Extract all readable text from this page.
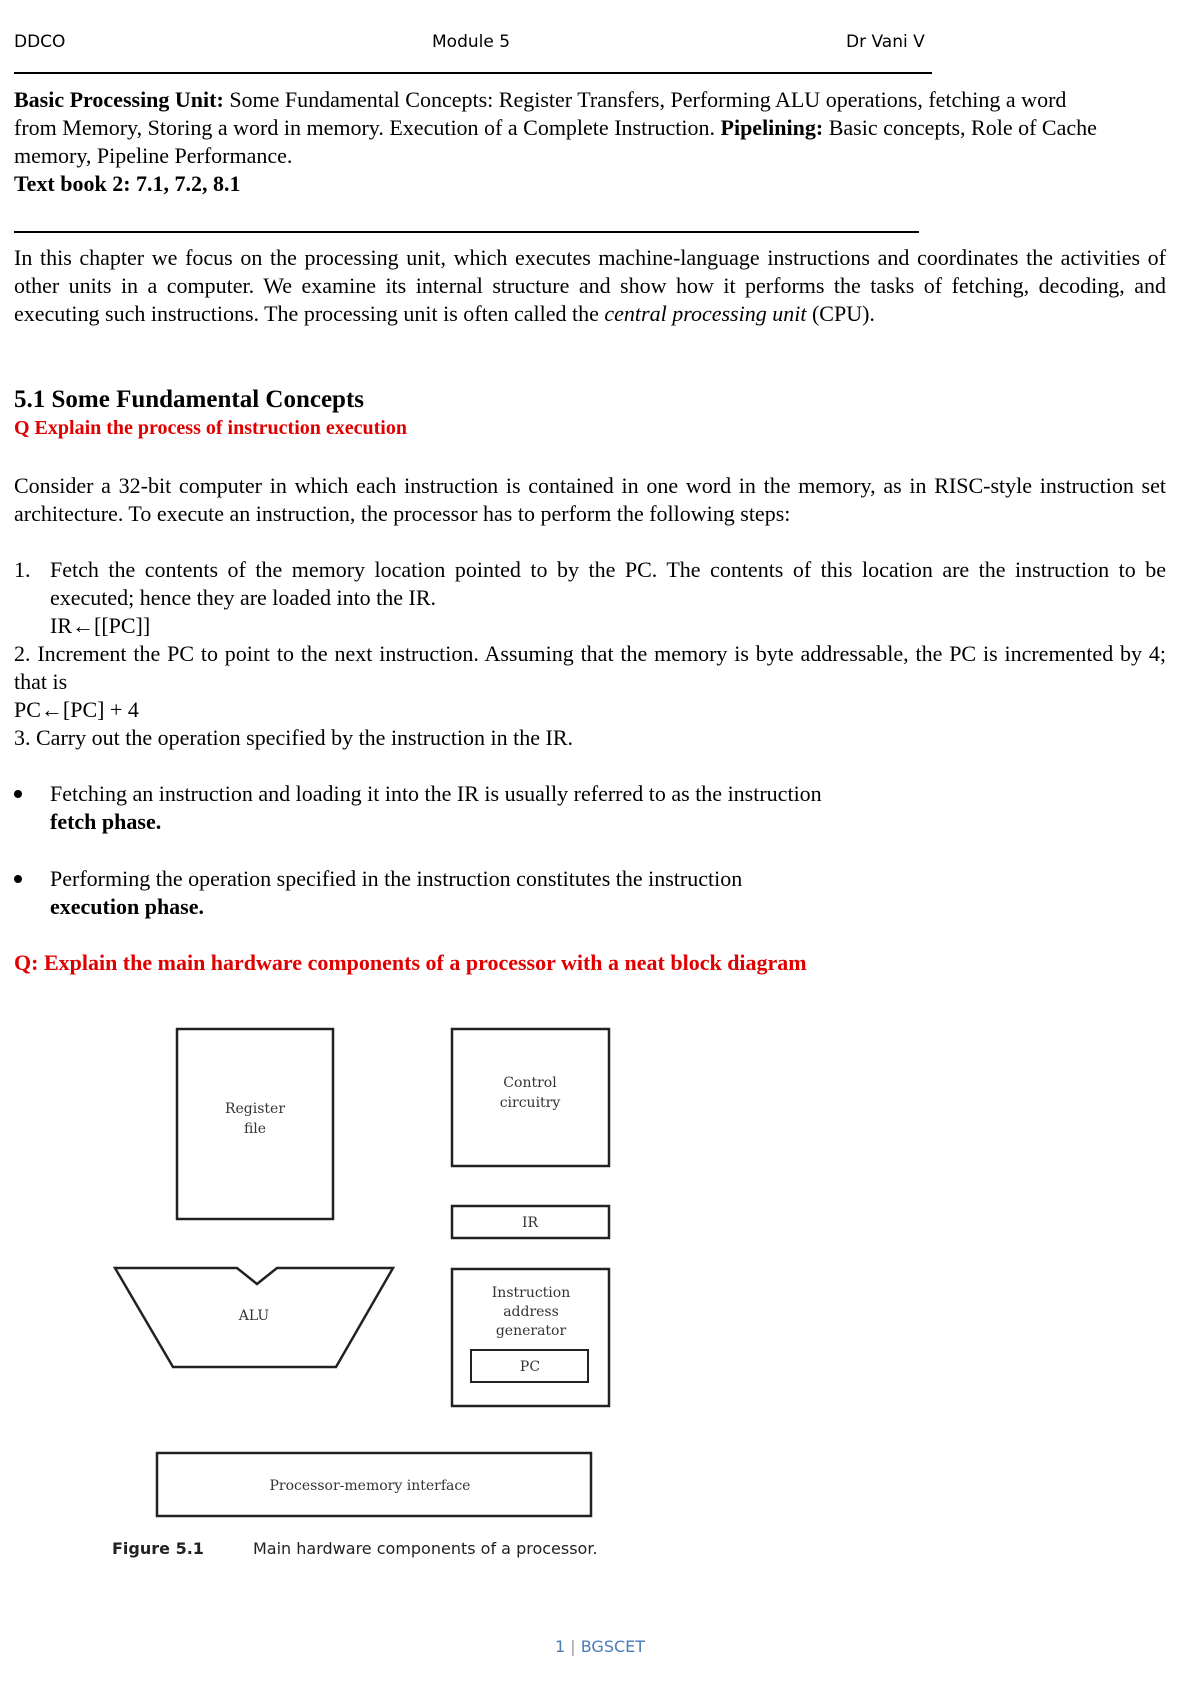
DDCO	Module 5	Dr Vani V
Basic Processing Unit: Some Fundamental Concepts: Register Transfers, Performing ALU operations, fetching a word from Memory, Storing a word in memory. Execution of a Complete Instruction. Pipelining: Basic concepts, Role of Cache memory, Pipeline Performance.
Text book 2: 7.1, 7.2, 8.1
In this chapter we focus on the processing unit, which executes machine-language instructions and coordinates the activities of other units in a computer. We examine its internal structure and show how it performs the tasks of fetching, decoding, and executing such instructions. The processing unit is often called the central processing unit (CPU).
5.1 Some Fundamental Concepts
Q Explain the process of instruction execution
Consider a 32-bit computer in which each instruction is contained in one word in the memory, as in RISC-style instruction set architecture. To execute an instruction, the processor has to perform the following steps:
1. Fetch the contents of the memory location pointed to by the PC. The contents of this location are the instruction to be executed; hence they are loaded into the IR.
IR←[[PC]]
2. Increment the PC to point to the next instruction. Assuming that the memory is byte addressable, the PC is incremented by 4; that is
PC←[PC] + 4
3. Carry out the operation specified by the instruction in the IR.
Fetching an instruction and loading it into the IR is usually referred to as the instruction
fetch phase.
Performing the operation specified in the instruction constitutes the instruction
execution phase.
Q: Explain the main hardware components of a processor with a neat block diagram
Register
file
Control
circuitry
IR
ALU
Instruction
address
generator
PC
Processor-memory interface
Figure 5.1	Main hardware components of a processor.
1 | BGSCET
